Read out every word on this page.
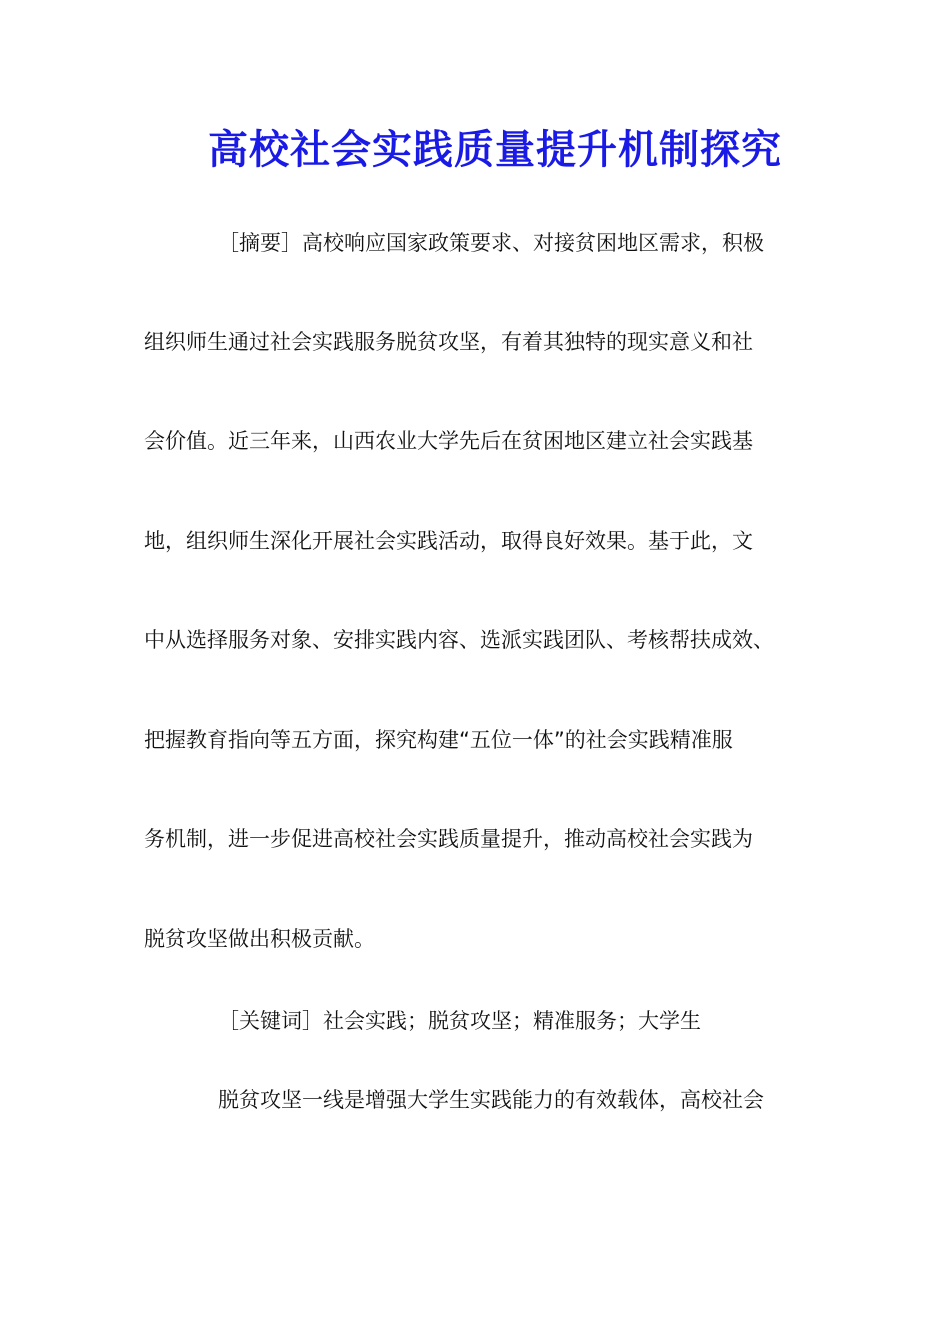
高校社会实践质量提升机制探究
［摘要］高校响应国家政策要求、对接贫困地区需求，积极
组织师生通过社会实践服务脱贫攻坚，有着其独特的现实意义和社
会价值。近三年来，山西农业大学先后在贫困地区建立社会实践基
地，组织师生深化开展社会实践活动，取得良好效果。基于此，文
中从选择服务对象、安排实践内容、选派实践团队、考核帮扶成效、
把握教育指向等五方面，探究构建“五位一体”的社会实践精准服
务机制，进一步促进高校社会实践质量提升，推动高校社会实践为
脱贫攻坚做出积极贡献。
［关键词］社会实践；脱贫攻坚；精准服务；大学生
脱贫攻坚一线是增强大学生实践能力的有效载体，高校社会
